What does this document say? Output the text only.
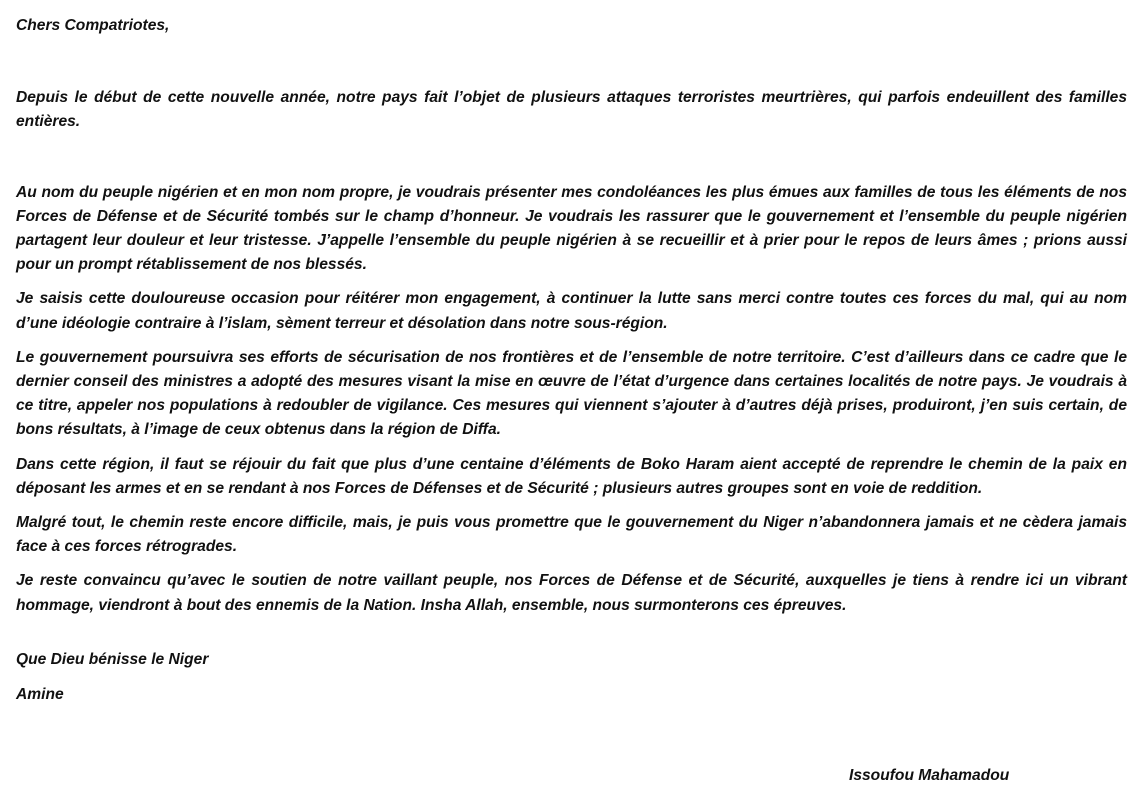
Chers Compatriotes,

Depuis le début de cette nouvelle année, notre pays fait l’objet de plusieurs attaques terroristes meurtrières, qui parfois endeuillent des familles entières.

Au nom du peuple nigérien et en mon nom propre, je voudrais présenter mes condoléances les plus émues aux familles de tous les éléments de nos Forces de Défense et de Sécurité tombés sur le champ d’honneur. Je voudrais les rassurer que le gouvernement et l’ensemble du peuple nigérien partagent leur douleur et leur tristesse. J’appelle l’ensemble du peuple nigérien à se recueillir et à prier pour le repos de leurs âmes ; prions aussi pour un prompt rétablissement de nos blessés.

Je saisis cette douloureuse occasion pour réitérer mon engagement, à continuer la lutte sans merci contre toutes ces forces du mal, qui au nom d’une idéologie contraire à l’islam, sèment terreur et désolation dans notre sous-région.

Le gouvernement poursuivra ses efforts de sécurisation de nos frontières et de l’ensemble de notre territoire. C’est d’ailleurs dans ce cadre que le dernier conseil des ministres a adopté des mesures visant la mise en œuvre de l’état d’urgence dans certaines localités de notre pays. Je voudrais à ce titre, appeler nos populations à redoubler de vigilance. Ces mesures qui viennent s’ajouter à d’autres déjà prises, produiront, j’en suis certain, de bons résultats, à l’image de ceux obtenus dans la région de Diffa.

Dans cette région, il faut se réjouir du fait que plus d’une centaine d’éléments de Boko Haram aient accepté de reprendre le chemin de la paix en déposant les armes et en se rendant à nos Forces de Défenses et de Sécurité ; plusieurs autres groupes sont en voie de reddition.

Malgré tout, le chemin reste encore difficile, mais, je puis vous promettre que le gouvernement du Niger n’abandonnera jamais et ne cèdera jamais face à ces forces rétrogrades.

Je reste convaincu qu’avec le soutien de notre vaillant peuple, nos Forces de Défense et de Sécurité, auxquelles je tiens à rendre ici un vibrant hommage, viendront à bout des ennemis de la Nation. Insha Allah, ensemble, nous surmonterons ces épreuves.

Que Dieu bénisse le Niger

Amine

Issoufou Mahamadou
